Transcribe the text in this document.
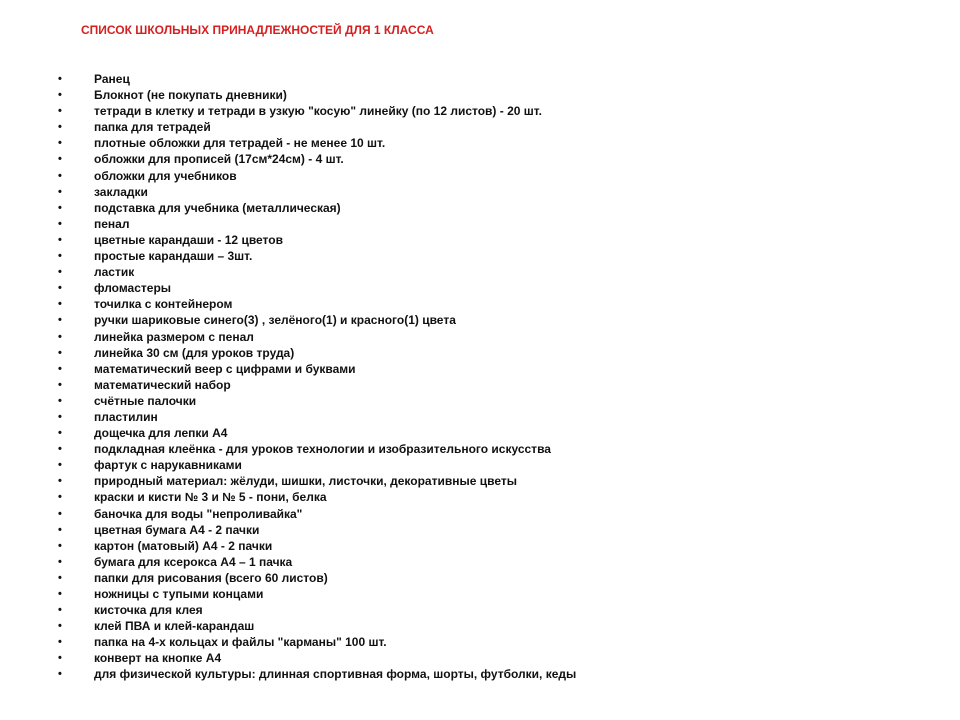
СПИСОК ШКОЛЬНЫХ ПРИНАДЛЕЖНОСТЕЙ ДЛЯ 1 КЛАССА
•	Ранец
•	Блокнот (не покупать дневники)
•	тетради в клетку и тетради в узкую "косую" линейку (по 12 листов) - 20 шт.
•	папка для тетрадей
•	плотные обложки для тетрадей - не менее 10 шт.
•	обложки для прописей (17см*24см) - 4 шт.
•	обложки для учебников
•	закладки
•	подставка для учебника (металлическая)
•	пенал
•	цветные карандаши - 12 цветов
•	простые карандаши – 3шт.
•	ластик
•	фломастеры
•	точилка с контейнером
•	ручки шариковые синего(3) , зелёного(1) и красного(1) цвета
•	линейка размером с пенал
•	линейка 30 см (для уроков труда)
•	математический веер с цифрами и буквами
•	математический набор
•	счётные палочки
•	пластилин
•	дощечка для лепки А4
•	подкладная клеёнка - для уроков технологии и изобразительного искусства
•	фартук с нарукавниками
•	природный материал: жёлуди, шишки, листочки, декоративные цветы
•	краски и кисти № 3 и № 5 - пони, белка
•	баночка для воды "непроливайка"
•	цветная бумага А4 - 2 пачки
•	картон (матовый) А4 - 2 пачки
•	бумага для ксерокса А4 – 1 пачка
•	папки для рисования (всего 60 листов)
•	ножницы с тупыми концами
•	кисточка для клея
•	клей ПВА и клей-карандаш
•	папка на 4-х кольцах и файлы "карманы" 100 шт.
•	конверт на кнопке А4
•	для физической культуры: длинная спортивная форма, шорты, футболки, кеды
